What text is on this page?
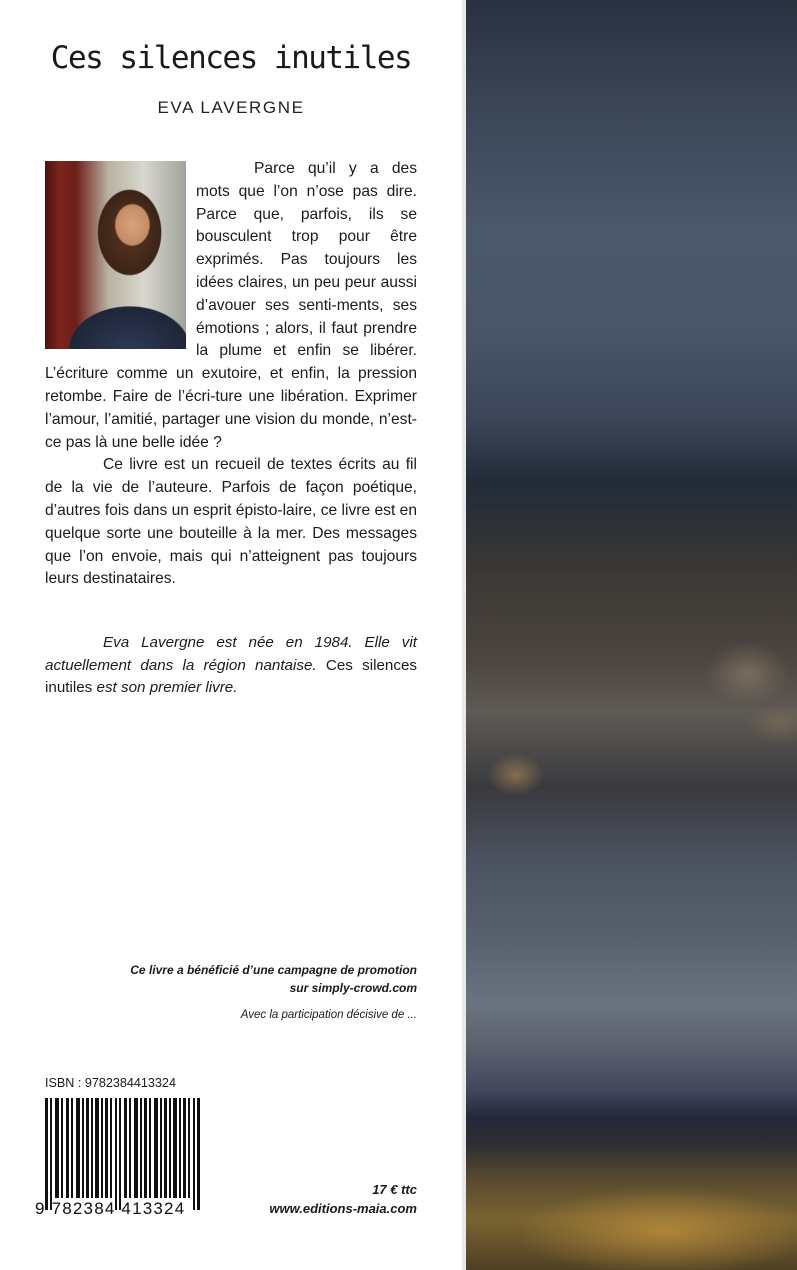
Ces silences inutiles
EVA LAVERGNE

Parce qu’il y a des mots que l’on n’ose pas dire. Parce que, parfois, ils se bousculent trop pour être exprimés. Pas toujours les idées claires, un peu peur aussi d’avouer ses senti-ments, ses émotions ; alors, il faut prendre la plume et enfin se libérer. L’écriture comme un exutoire, et enfin, la pression retombe. Faire de l’écri-ture une libération. Exprimer l’amour, l’amitié, partager une vision du monde, n’est-ce pas là une belle idée ?

Ce livre est un recueil de textes écrits au fil de la vie de l’auteure. Parfois de façon poétique, d’autres fois dans un esprit épisto-laire, ce livre est en quelque sorte une bouteille à la mer. Des messages que l’on envoie, mais qui n’atteignent pas toujours leurs destinataires.

Eva Lavergne est née en 1984. Elle vit actuellement dans la région nantaise. Ces silences inutiles est son premier livre.

Ce livre a bénéficié d’une campagne de promotion
sur simply-crowd.com
Avec la participation décisive de ...
ISBN : 9782384413324
9 782384 413324
17 € ttc
www.editions-maia.com
